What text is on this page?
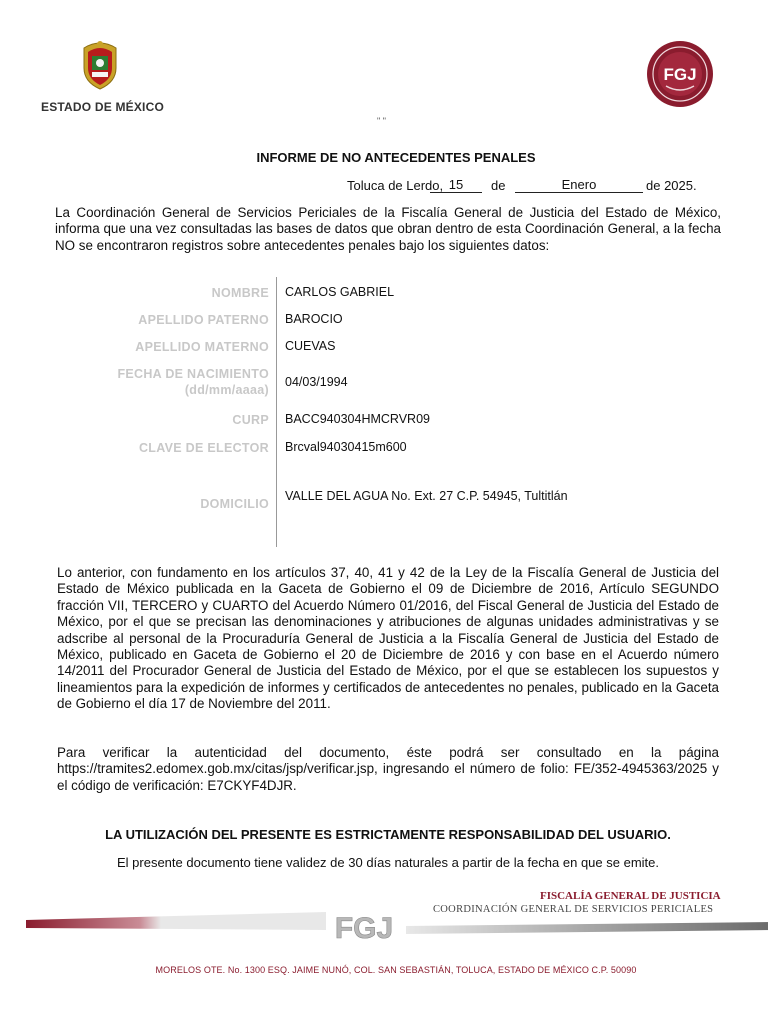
ESTADO DE MÉXICO
FGJ
" "
INFORME DE NO ANTECEDENTES PENALES
Toluca de Lerdo, 15	de	Enero	de 2025.
La Coordinación General de Servicios Periciales de la Fiscalía General de Justicia del Estado de México, informa que una vez consultadas las bases de datos que obran dentro de esta Coordinación General, a la fecha NO se encontraron registros sobre antecedentes penales bajo los siguientes datos:
NOMBRE CARLOS GABRIEL
APELLIDO PATERNO BAROCIO
APELLIDO MATERNO CUEVAS
FECHA DE NACIMIENTO
(dd/mm/aaaa)
04/03/1994
CURP BACC940304HMCRVR09
CLAVE DE ELECTOR Brcval94030415m600
DOMICILIO
VALLE DEL AGUA No. Ext. 27 C.P. 54945, Tultitlán
Lo anterior, con fundamento en los artículos 37, 40, 41 y 42 de la Ley de la Fiscalía General de Justicia del Estado de México publicada en la Gaceta de Gobierno el 09 de Diciembre de 2016, Artículo SEGUNDO fracción VII, TERCERO y CUARTO del Acuerdo Número 01/2016, del Fiscal General de Justicia del Estado de México, por el que se precisan las denominaciones y atribuciones de algunas unidades administrativas y se adscribe al personal de la Procuraduría General de Justicia a la Fiscalía General de Justicia del Estado de México, publicado en Gaceta de Gobierno el 20 de Diciembre de 2016 y con base en el Acuerdo número 14/2011 del Procurador General de Justicia del Estado de México, por el que se establecen los supuestos y lineamientos para la expedición de informes y certificados de antecedentes no penales, publicado en la Gaceta de Gobierno el día 17 de Noviembre del 2011.
Para verificar la autenticidad del documento, éste podrá ser consultado en la página https://tramites2.edomex.gob.mx/citas/jsp/verificar.jsp, ingresando el número de folio: FE/352-4945363/2025 y el código de verificación: E7CKYF4DJR.
LA UTILIZACIÓN DEL PRESENTE ES ESTRICTAMENTE RESPONSABILIDAD DEL USUARIO.
El presente documento tiene validez de 30 días naturales a partir de la fecha en que se emite.
FISCALÍA GENERAL DE JUSTICIA
COORDINACIÓN GENERAL DE SERVICIOS PERICIALES
FGJ
MORELOS OTE. No. 1300 ESQ. JAIME NUNÓ, COL. SAN SEBASTIÁN, TOLUCA, ESTADO DE MÉXICO C.P. 50090
